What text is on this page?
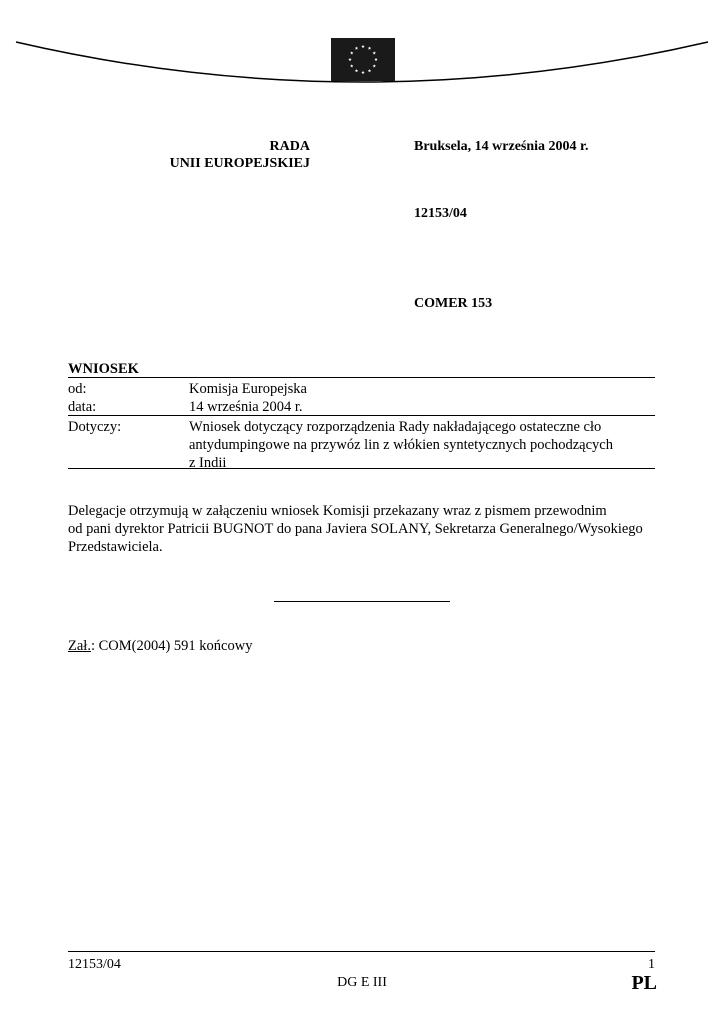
RADA
UNII EUROPEJSKIEJ
Bruksela, 14 września 2004 r.
12153/04
COMER 153
WNIOSEK
od:	Komisja Europejska
data:	14 września 2004 r.
Dotyczy:	Wniosek dotyczący rozporządzenia Rady nakładającego ostateczne cło
antydumpingowe na przywóz lin z włókien syntetycznych pochodzących
z Indii
Delegacje otrzymują w załączeniu wniosek Komisji przekazany wraz z pismem przewodnim
od pani dyrektor Patricii BUGNOT do pana Javiera SOLANY, Sekretarza Generalnego/Wysokiego
Przedstawiciela.
Zał.: COM(2004) 591 końcowy
12153/04	1
DG E III	PL
